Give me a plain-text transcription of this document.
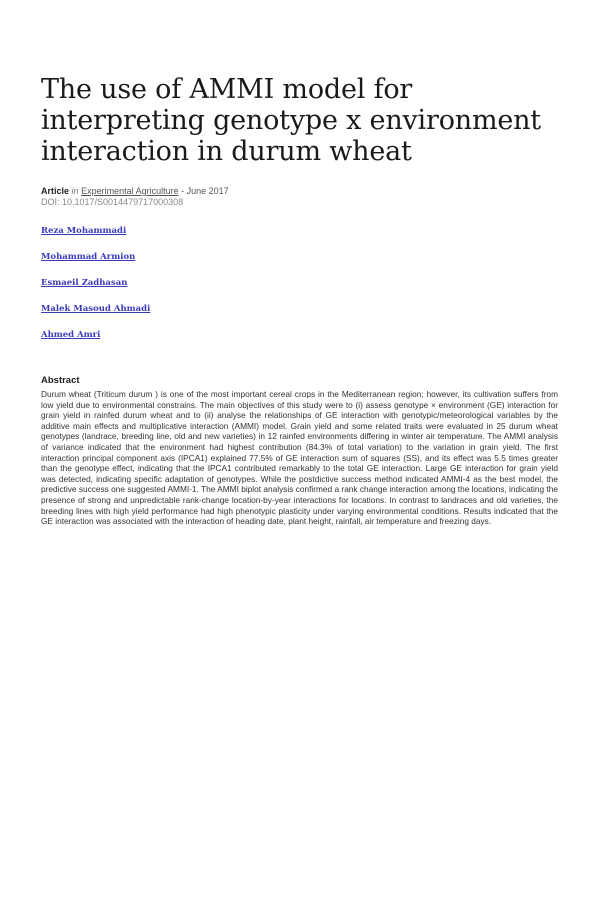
The use of AMMI model for interpreting genotype x environment interaction in durum wheat
Article in Experimental Agriculture - June 2017
DOI: 10.1017/S0014479717000308
Reza Mohammadi
Mohammad Armion
Esmaeil Zadhasan
Malek Masoud Ahmadi
Ahmed Amri
Abstract

Durum wheat (Triticum durum ) is one of the most important cereal crops in the Mediterranean region; however, its cultivation suffers from low yield due to environmental constrains. The main objectives of this study were to (i) assess genotype × environment (GE) interaction for grain yield in rainfed durum wheat and to (ii) analyse the relationships of GE interaction with genotypic/meteorological variables by the additive main effects and multiplicative interaction (AMMI) model. Grain yield and some related traits were evaluated in 25 durum wheat genotypes (landrace, breeding line, old and new varieties) in 12 rainfed environments differing in winter air temperature. The AMMI analysis of variance indicated that the environment had highest contribution (84.3% of total variation) to the variation in grain yield. The first interaction principal component axis (IPCA1) explained 77.5% of GE interaction sum of squares (SS), and its effect was 5.5 times greater than the genotype effect, indicating that the IPCA1 contributed remarkably to the total GE interaction. Large GE interaction for grain yield was detected, indicating specific adaptation of genotypes. While the postdictive success method indicated AMMI-4 as the best model, the predictive success one suggested AMMI-1. The AMMI biplot analysis confirmed a rank change interaction among the locations, indicating the presence of strong and unpredictable rank-change location-by-year interactions for locations. In contrast to landraces and old varieties, the breeding lines with high yield performance had high phenotypic plasticity under varying environmental conditions. Results indicated that the GE interaction was associated with the interaction of heading date, plant height, rainfall, air temperature and freezing days.
